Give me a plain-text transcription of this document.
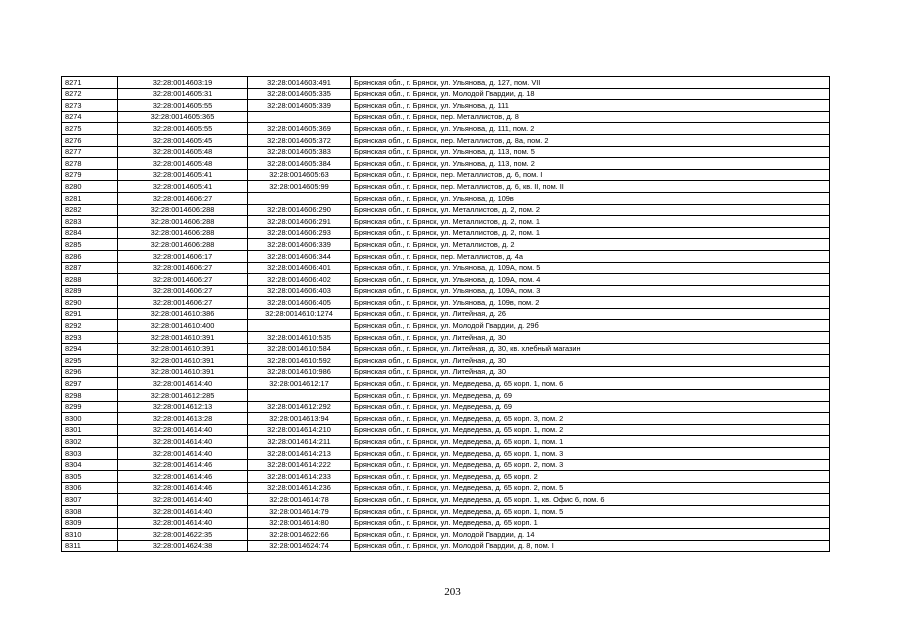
8271	32:28:0014603:19	32:28:0014603:491	Брянская обл., г. Брянск, ул. Ульянова, д. 127, пом. VII
8272	32:28:0014605:31	32:28:0014605:335	Брянская обл., г. Брянск, ул. Молодой Гвардии, д. 18
8273	32:28:0014605:55	32:28:0014605:339	Брянская обл., г. Брянск, ул. Ульянова, д. 111
8274	32:28:0014605:365		Брянская обл., г. Брянск, пер. Металлистов, д. 8
8275	32:28:0014605:55	32:28:0014605:369	Брянская обл., г. Брянск, ул. Ульянова, д. 111, пом. 2
8276	32:28:0014605:45	32:28:0014605:372	Брянская обл., г. Брянск, пер. Металлистов, д. 8а, пом. 2
8277	32:28:0014605:48	32:28:0014605:383	Брянская обл., г. Брянск, ул. Ульянова, д. 113, пом. 5
8278	32:28:0014605:48	32:28:0014605:384	Брянская обл., г. Брянск, ул. Ульянова, д. 113, пом. 2
8279	32:28:0014605:41	32:28:0014605:63	Брянская обл., г. Брянск, пер. Металлистов, д. 6, пом. I
8280	32:28:0014605:41	32:28:0014605:99	Брянская обл., г. Брянск, пер. Металлистов, д. 6, кв. II, пом. II
8281	32:28:0014606:27		Брянская обл., г. Брянск, ул. Ульянова, д. 109в
8282	32:28:0014606:288	32:28:0014606:290	Брянская обл., г. Брянск, ул. Металлистов, д. 2, пом. 2
8283	32:28:0014606:288	32:28:0014606:291	Брянская обл., г. Брянск, ул. Металлистов, д. 2, пом. 1
8284	32:28:0014606:288	32:28:0014606:293	Брянская обл., г. Брянск, ул. Металлистов, д. 2, пом. 1
8285	32:28:0014606:288	32:28:0014606:339	Брянская обл., г. Брянск, ул. Металлистов, д. 2
8286	32:28:0014606:17	32:28:0014606:344	Брянская обл., г. Брянск, пер. Металлистов, д. 4а
8287	32:28:0014606:27	32:28:0014606:401	Брянская обл., г. Брянск, ул. Ульянова, д. 109А, пом. 5
8288	32:28:0014606:27	32:28:0014606:402	Брянская обл., г. Брянск, ул. Ульянова, д. 109А, пом. 4
8289	32:28:0014606:27	32:28:0014606:403	Брянская обл., г. Брянск, ул. Ульянова, д. 109А, пом. 3
8290	32:28:0014606:27	32:28:0014606:405	Брянская обл., г. Брянск, ул. Ульянова, д. 109в, пом. 2
8291	32:28:0014610:386	32:28:0014610:1274	Брянская обл., г. Брянск, ул. Литейная, д. 26
8292	32:28:0014610:400		Брянская обл., г. Брянск, ул. Молодой Гвардии, д. 29б
8293	32:28:0014610:391	32:28:0014610:535	Брянская обл., г. Брянск, ул. Литейная, д. 30
8294	32:28:0014610:391	32:28:0014610:584	Брянская обл., г. Брянск, ул. Литейная, д. 30, кв. хлебный магазин
8295	32:28:0014610:391	32:28:0014610:592	Брянская обл., г. Брянск, ул. Литейная, д. 30
8296	32:28:0014610:391	32:28:0014610:986	Брянская обл., г. Брянск, ул. Литейная, д. 30
8297	32:28:0014614:40	32:28:0014612:17	Брянская обл., г. Брянск, ул. Медведева, д. 65 корп. 1, пом. 6
8298	32:28:0014612:285		Брянская обл., г. Брянск, ул. Медведева, д. 69
8299	32:28:0014612:13	32:28:0014612:292	Брянская обл., г. Брянск, ул. Медведева, д. 69
8300	32:28:0014613:28	32:28:0014613:94	Брянская обл., г. Брянск, ул. Медведева, д. 65 корп. 3, пом. 2
8301	32:28:0014614:40	32:28:0014614:210	Брянская обл., г. Брянск, ул. Медведева, д. 65 корп. 1, пом. 2
8302	32:28:0014614:40	32:28:0014614:211	Брянская обл., г. Брянск, ул. Медведева, д. 65 корп. 1, пом. 1
8303	32:28:0014614:40	32:28:0014614:213	Брянская обл., г. Брянск, ул. Медведева, д. 65 корп. 1, пом. 3
8304	32:28:0014614:46	32:28:0014614:222	Брянская обл., г. Брянск, ул. Медведева, д. 65 корп. 2, пом. 3
8305	32:28:0014614:46	32:28:0014614:233	Брянская обл., г. Брянск, ул. Медведева, д. 65 корп. 2
8306	32:28:0014614:46	32:28:0014614:236	Брянская обл., г. Брянск, ул. Медведева, д. 65 корп. 2, пом. 5
8307	32:28:0014614:40	32:28:0014614:78	Брянская обл., г. Брянск, ул. Медведева, д. 65 корп. 1, кв. Офис 6, пом. 6
8308	32:28:0014614:40	32:28:0014614:79	Брянская обл., г. Брянск, ул. Медведева, д. 65 корп. 1, пом. 5
8309	32:28:0014614:40	32:28:0014614:80	Брянская обл., г. Брянск, ул. Медведева, д. 65 корп. 1
8310	32:28:0014622:35	32:28:0014622:66	Брянская обл., г. Брянск, ул. Молодой Гвардии, д. 14
8311	32:28:0014624:38	32:28:0014624:74	Брянская обл., г. Брянск, ул. Молодой Гвардии, д. 8, пом. I
203
